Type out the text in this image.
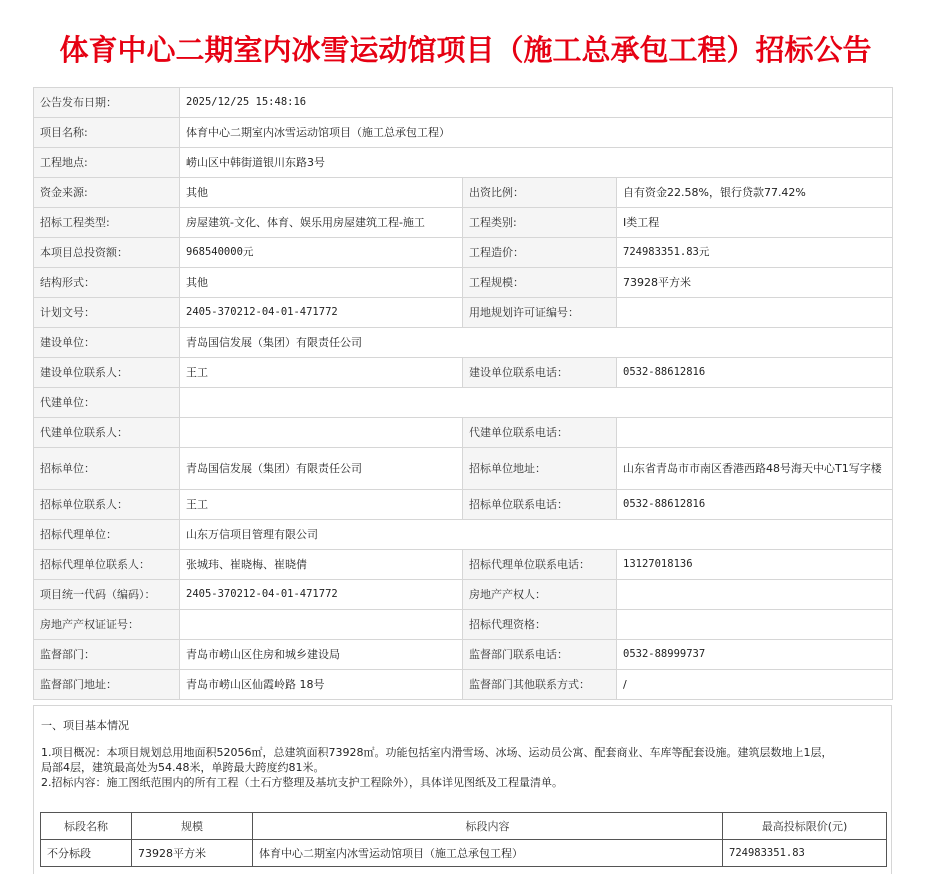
体育中心二期室内冰雪运动馆项目（施工总承包工程）招标公告
公告发布日期：	2025/12/25 15:48:16		
项目名称:	体育中心二期室内冰雪运动馆项目（施工总承包工程）		
工程地点:	崂山区中韩街道银川东路3号		
资金来源:	其他	出资比例：	自有资金22.58%，银行贷款77.42%
招标工程类型:	房屋建筑-文化、体育、娱乐用房屋建筑工程-施工	工程类别:	Ⅰ类工程
本项目总投资额：	968540000元	工程造价：	724983351.83元
结构形式：	其他	工程规模：	73928平方米
计划文号：	2405-370212-04-01-471772	用地规划许可证编号：	
建设单位：	青岛国信发展（集团）有限责任公司		
建设单位联系人：	王工	建设单位联系电话：	0532-88612816
代建单位：			
代建单位联系人：		代建单位联系电话：	
招标单位：	青岛国信发展（集团）有限责任公司	招标单位地址：	山东省青岛市市南区香港西路48号海天中心T1写字楼
招标单位联系人：	王工	招标单位联系电话：	0532-88612816
招标代理单位：	山东万信项目管理有限公司		
招标代理单位联系人：	张城玮、崔晓梅、崔晓倩	招标代理单位联系电话：	13127018136
项目统一代码（编码）：	2405-370212-04-01-471772	房地产产权人：	
房地产产权证证号：		招标代理资格：	
监督部门：	青岛市崂山区住房和城乡建设局	监督部门联系电话：	0532-88999737
监督部门地址：	青岛市崂山区仙霞岭路 18号	监督部门其他联系方式：	/

一、项目基本情况

1.项目概况：本项目规划总用地面积52056㎡，总建筑面积73928㎡。功能包括室内滑雪场、冰场、运动员公寓、配套商业、车库等配套设施。建筑层数地上1层，

局部4层，建筑最高处为54.48米，单跨最大跨度约81米。

2.招标内容：施工图纸范围内的所有工程（土石方整理及基坑支护工程除外），具体详见图纸及工程量清单。

标段名称	规模	标段内容	最高投标限价(元)
不分标段	73928平方米	体育中心二期室内冰雪运动馆项目（施工总承包工程）	724983351.83
